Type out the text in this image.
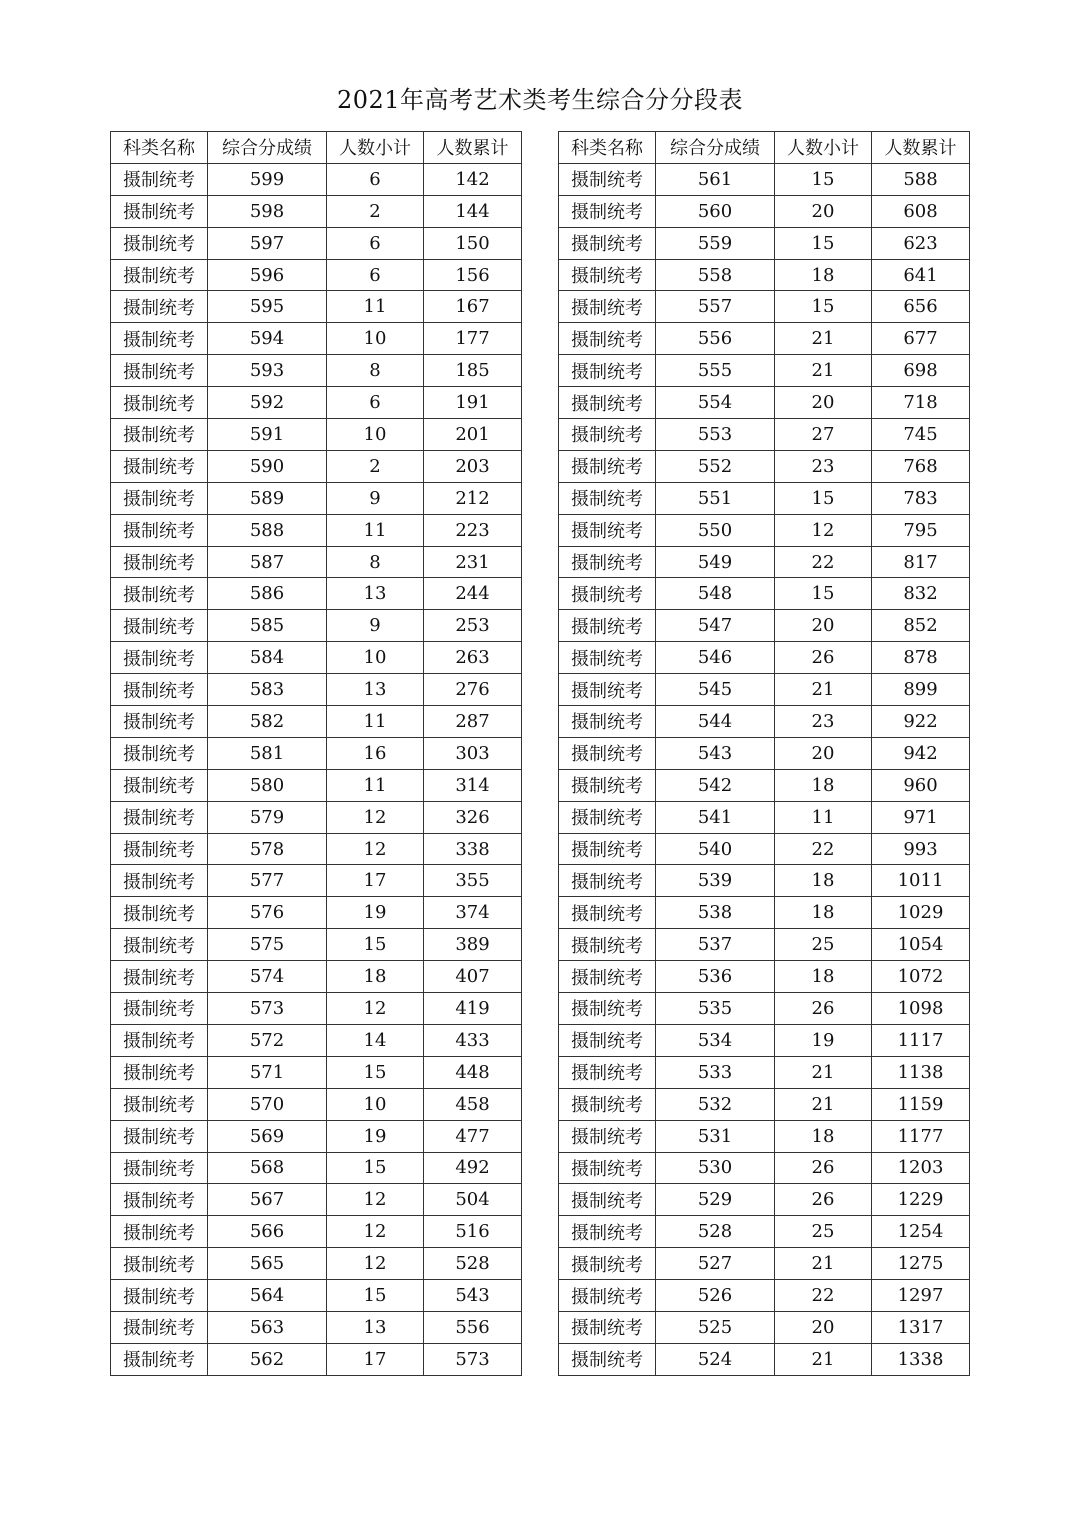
2021年高考艺术类考生综合分分段表
科类名称	综合分成绩	人数小计	人数累计
摄制统考	599	6	142
摄制统考	598	2	144
摄制统考	597	6	150
摄制统考	596	6	156
摄制统考	595	11	167
摄制统考	594	10	177
摄制统考	593	8	185
摄制统考	592	6	191
摄制统考	591	10	201
摄制统考	590	2	203
摄制统考	589	9	212
摄制统考	588	11	223
摄制统考	587	8	231
摄制统考	586	13	244
摄制统考	585	9	253
摄制统考	584	10	263
摄制统考	583	13	276
摄制统考	582	11	287
摄制统考	581	16	303
摄制统考	580	11	314
摄制统考	579	12	326
摄制统考	578	12	338
摄制统考	577	17	355
摄制统考	576	19	374
摄制统考	575	15	389
摄制统考	574	18	407
摄制统考	573	12	419
摄制统考	572	14	433
摄制统考	571	15	448
摄制统考	570	10	458
摄制统考	569	19	477
摄制统考	568	15	492
摄制统考	567	12	504
摄制统考	566	12	516
摄制统考	565	12	528
摄制统考	564	15	543
摄制统考	563	13	556
摄制统考	562	17	573
科类名称	综合分成绩	人数小计	人数累计
摄制统考	561	15	588
摄制统考	560	20	608
摄制统考	559	15	623
摄制统考	558	18	641
摄制统考	557	15	656
摄制统考	556	21	677
摄制统考	555	21	698
摄制统考	554	20	718
摄制统考	553	27	745
摄制统考	552	23	768
摄制统考	551	15	783
摄制统考	550	12	795
摄制统考	549	22	817
摄制统考	548	15	832
摄制统考	547	20	852
摄制统考	546	26	878
摄制统考	545	21	899
摄制统考	544	23	922
摄制统考	543	20	942
摄制统考	542	18	960
摄制统考	541	11	971
摄制统考	540	22	993
摄制统考	539	18	1011
摄制统考	538	18	1029
摄制统考	537	25	1054
摄制统考	536	18	1072
摄制统考	535	26	1098
摄制统考	534	19	1117
摄制统考	533	21	1138
摄制统考	532	21	1159
摄制统考	531	18	1177
摄制统考	530	26	1203
摄制统考	529	26	1229
摄制统考	528	25	1254
摄制统考	527	21	1275
摄制统考	526	22	1297
摄制统考	525	20	1317
摄制统考	524	21	1338
